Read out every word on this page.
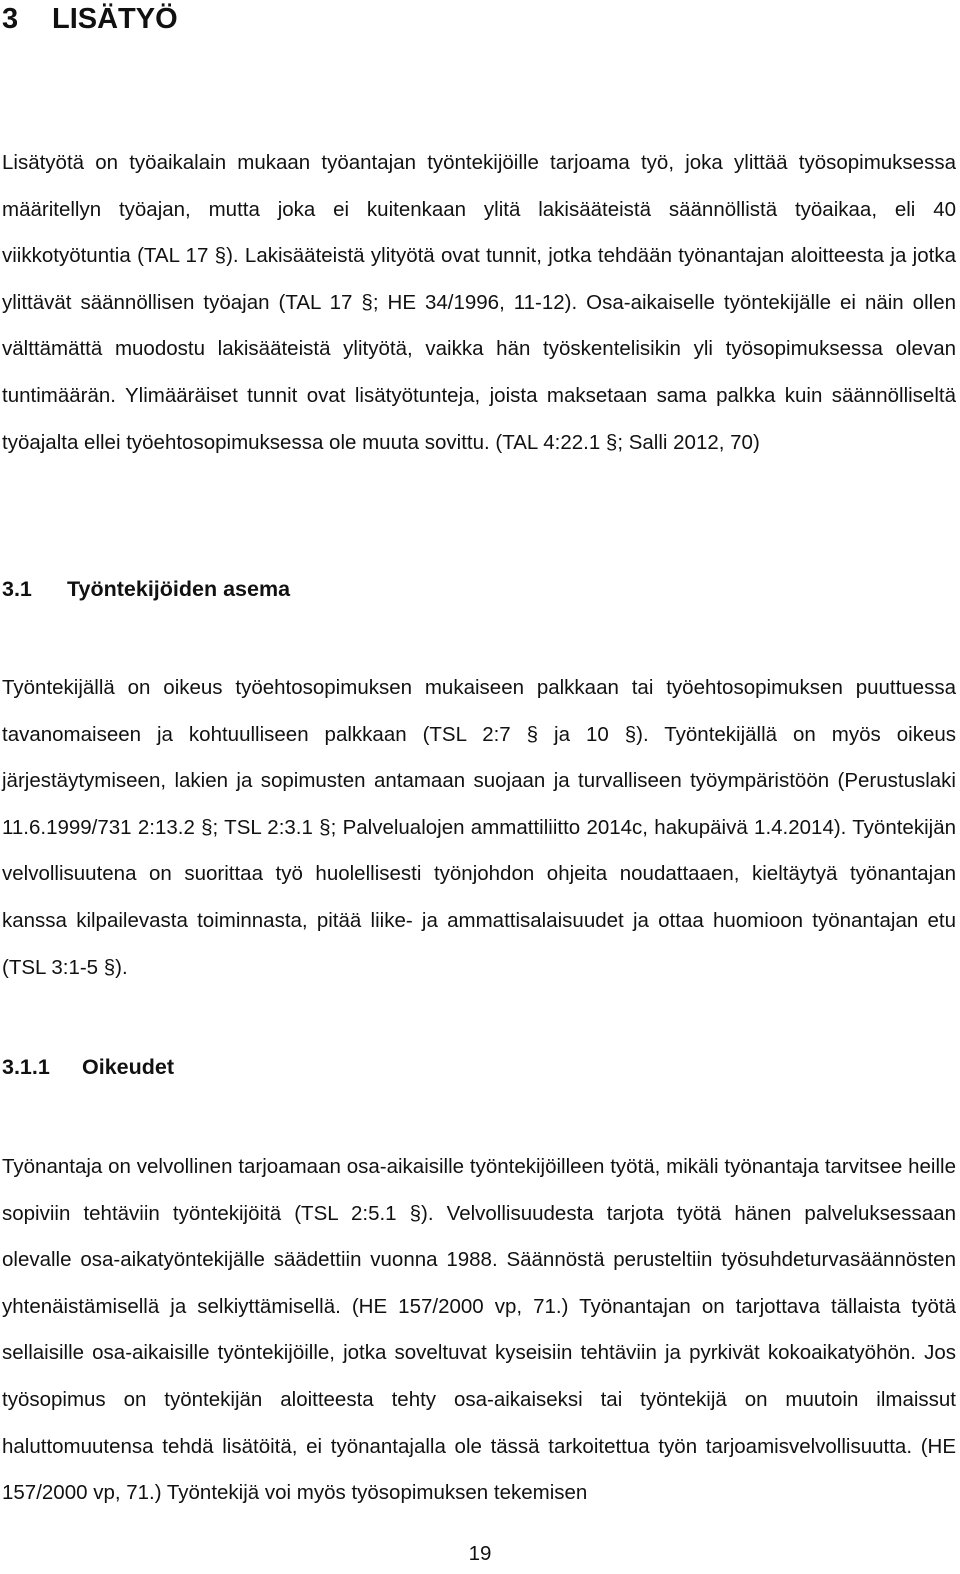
3 LISÄTYÖ

Lisätyötä on työaikalain mukaan työantajan työntekijöille tarjoama työ, joka ylittää työsopimuksessa määritellyn työajan, mutta joka ei kuitenkaan ylitä lakisääteistä säännöllistä työaikaa, eli 40 viikkotyötuntia (TAL 17 §). Lakisääteistä ylityötä ovat tunnit, jotka tehdään työnantajan aloitteesta ja jotka ylittävät säännöllisen työajan (TAL 17 §; HE 34/1996, 11-12). Osa-aikaiselle työntekijälle ei näin ollen välttämättä muodostu lakisääteistä ylityötä, vaikka hän työskentelisikin yli työsopimuksessa olevan tuntimäärän. Ylimääräiset tunnit ovat lisätyötunteja, joista maksetaan sama palkka kuin säännölliseltä työajalta ellei työehtosopimuksessa ole muuta sovittu. (TAL 4:22.1 §; Salli 2012, 70)

3.1 Työntekijöiden asema

Työntekijällä on oikeus työehtosopimuksen mukaiseen palkkaan tai työehtosopimuksen puuttuessa tavanomaiseen ja kohtuulliseen palkkaan (TSL 2:7 § ja 10 §). Työntekijällä on myös oikeus järjestäytymiseen, lakien ja sopimusten antamaan suojaan ja turvalliseen työympäristöön (Perustuslaki 11.6.1999/731 2:13.2 §; TSL 2:3.1 §; Palvelualojen ammattiliitto 2014c, hakupäivä 1.4.2014). Työntekijän velvollisuutena on suorittaa työ huolellisesti työnjohdon ohjeita noudattaaen, kieltäytyä työnantajan kanssa kilpailevasta toiminnasta, pitää liike- ja ammattisalaisuudet ja ottaa huomioon työnantajan etu (TSL 3:1-5 §).

3.1.1 Oikeudet

Työnantaja on velvollinen tarjoamaan osa-aikaisille työntekijöilleen työtä, mikäli työnantaja tarvitsee heille sopiviin tehtäviin työntekijöitä (TSL 2:5.1 §). Velvollisuudesta tarjota työtä hänen palveluksessaan olevalle osa-aikatyöntekijälle säädettiin vuonna 1988. Säännöstä perusteltiin työsuhdeturvasäännösten yhtenäistämisellä ja selkiyttämisellä. (HE 157/2000 vp, 71.) Työnantajan on tarjottava tällaista työtä sellaisille osa-aikaisille työntekijöille, jotka soveltuvat kyseisiin tehtäviin ja pyrkivät kokoaikatyöhön. Jos työsopimus on työntekijän aloitteesta tehty osa-aikaiseksi tai työntekijä on muutoin ilmaissut haluttomuutensa tehdä lisätöitä, ei työnantajalla ole tässä tarkoitettua työn tarjoamisvelvollisuutta. (HE 157/2000 vp, 71.) Työntekijä voi myös työsopimuksen tekemisen

19
